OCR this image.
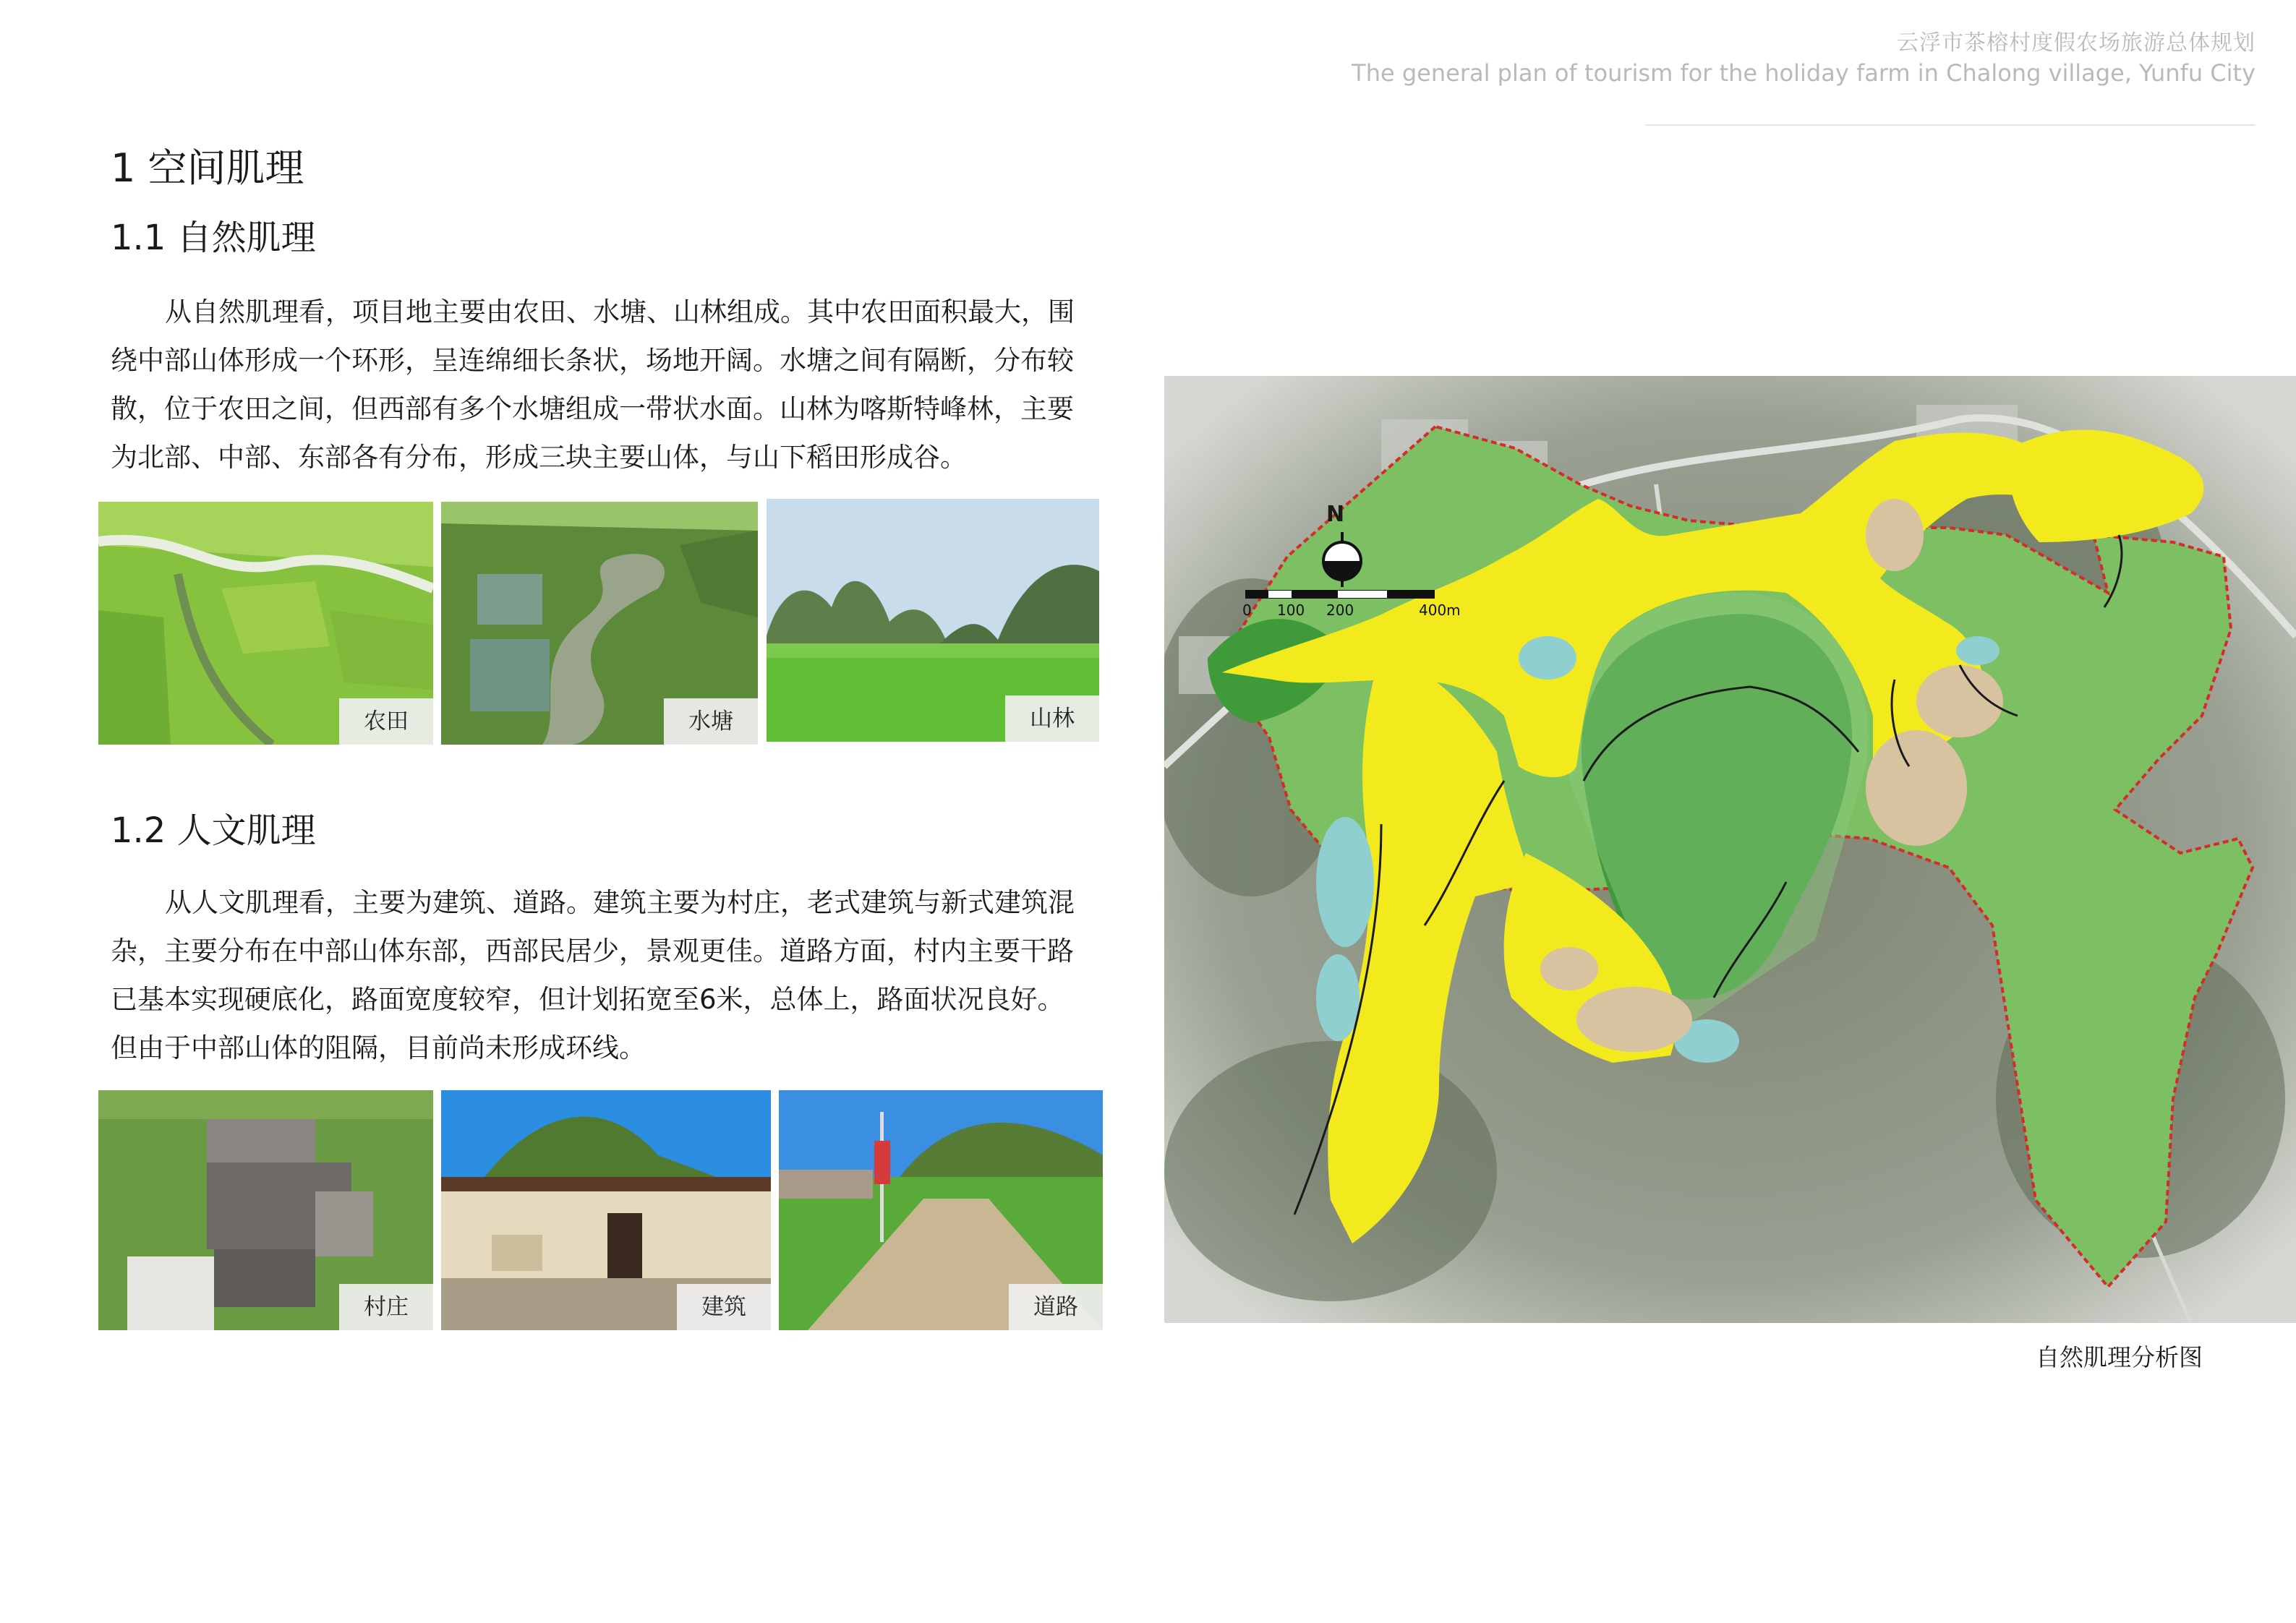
云浮市茶榕村度假农场旅游总体规划
The general plan of tourism for the holiday farm in Chalong village, Yunfu City
1 空间肌理
1.1 自然肌理

从自然肌理看，项目地主要由农田、水塘、山林组成。其中农田面积最大，围
绕中部山体形成一个环形，呈连绵细长条状，场地开阔。水塘之间有隔断，分布较
散，位于农田之间，但西部有多个水塘组成一带状水面。山林为喀斯特峰林，主要
为北部、中部、东部各有分布，形成三块主要山体，与山下稻田形成谷。

农田	水塘	山林
1.2 人文肌理

从人文肌理看，主要为建筑、道路。建筑主要为村庄，老式建筑与新式建筑混
杂，主要分布在中部山体东部，西部民居少，景观更佳。道路方面，村内主要干路
已基本实现硬底化，路面宽度较窄，但计划拓宽至6米，总体上，路面状况良好。
但由于中部山体的阻隔，目前尚未形成环线。

村庄	建筑	道路
N
0 100 200	400m
自然肌理分析图
